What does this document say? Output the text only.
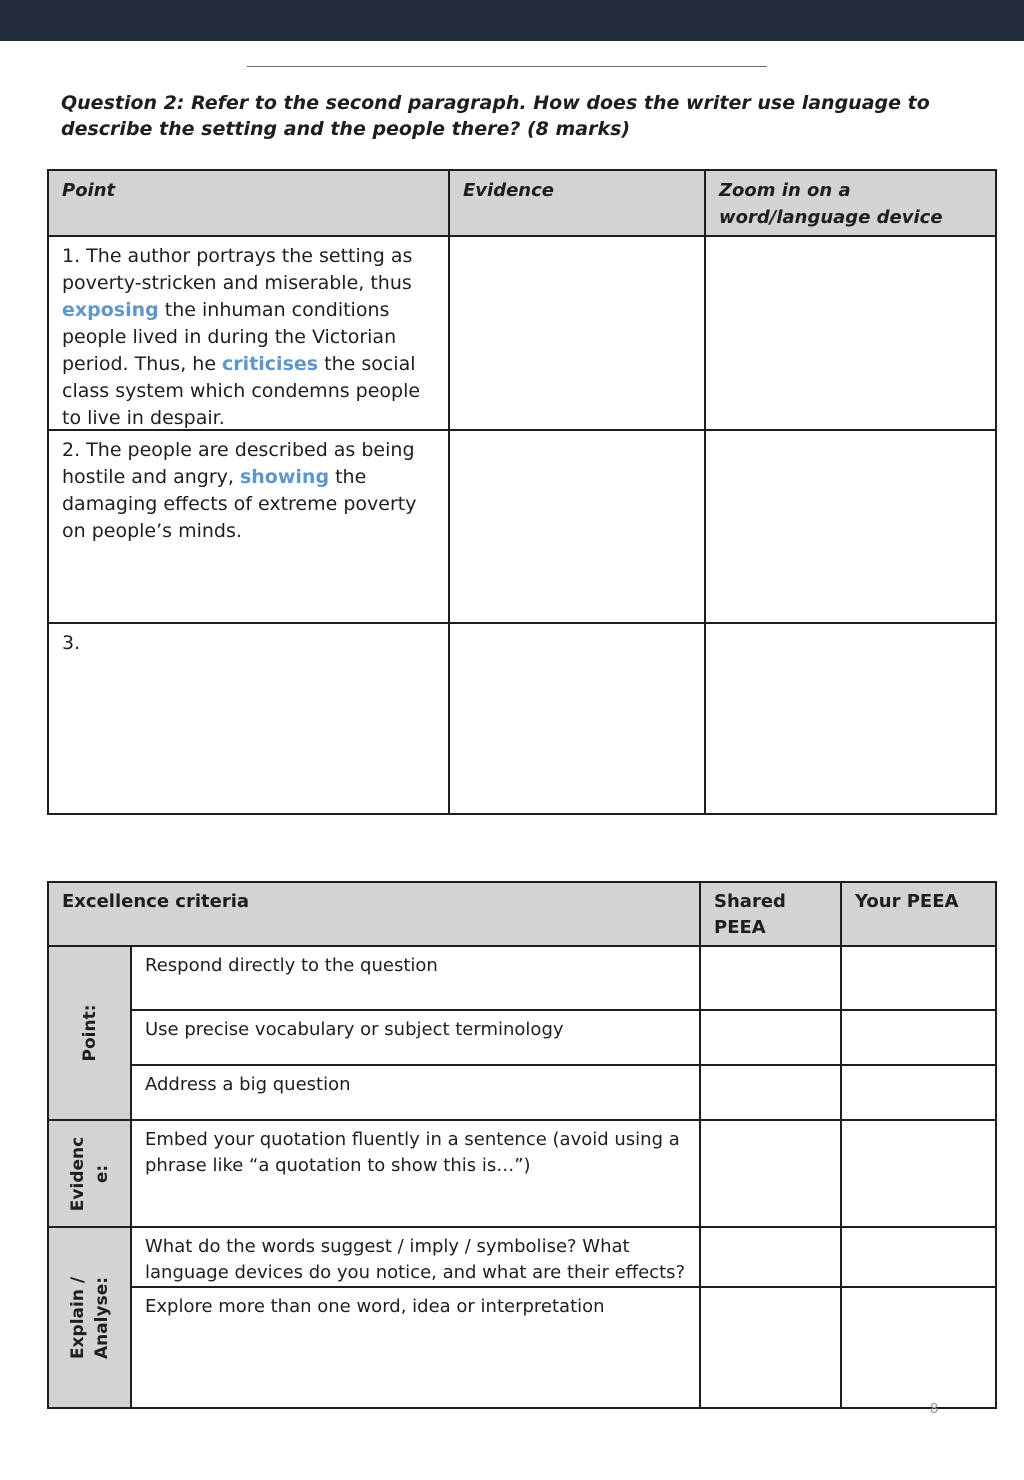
Question 2: Refer to the second paragraph. How does the writer use language to describe the setting and the people there? (8 marks)
Point	Evidence	Zoom in on a word/language device

1. The author portrays the setting as poverty-stricken and miserable, thus exposing the inhuman conditions people lived in during the Victorian period. Thus, he criticises the social class system which condemns people to live in despair.		

2. The people are described as being hostile and angry, showing the damaging effects of extreme poverty on people’s minds.		
3.		
Excellence criteria		Shared PEEA	Your PEEA

Point:	Respond directly to the question		
	Use precise vocabulary or subject terminology		
	Address a big question		

Evidenc
e:	Embed your quotation fluently in a sentence (avoid using a phrase like “a quotation to show this is…”)		

Explain /
Analyse:	What do the words suggest / imply / symbolise? What language devices do you notice, and what are their effects?		
	Explore more than one word, idea or interpretation		
8
